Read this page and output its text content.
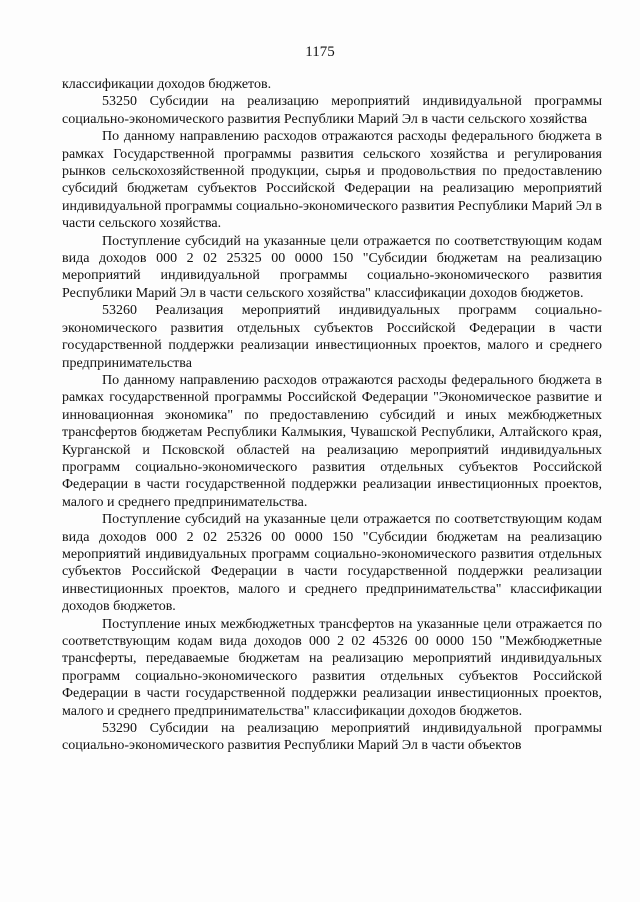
1175

классификации доходов бюджетов.

53250 Субсидии на реализацию мероприятий индивидуальной программы социально-экономического развития Республики Марий Эл в части сельского хозяйства

По данному направлению расходов отражаются расходы федерального бюджета в рамках Государственной программы развития сельского хозяйства и регулирования рынков сельскохозяйственной продукции, сырья и продовольствия по предоставлению субсидий бюджетам субъектов Российской Федерации на реализацию мероприятий индивидуальной программы социально-экономического развития Республики Марий Эл в части сельского хозяйства.

Поступление субсидий на указанные цели отражается по соответствующим кодам вида доходов 000 2 02 25325 00 0000 150 "Субсидии бюджетам на реализацию мероприятий индивидуальной программы социально-экономического развития Республики Марий Эл в части сельского хозяйства" классификации доходов бюджетов.

53260 Реализация мероприятий индивидуальных программ социально-экономического развития отдельных субъектов Российской Федерации в части государственной поддержки реализации инвестиционных проектов, малого и среднего предпринимательства

По данному направлению расходов отражаются расходы федерального бюджета в рамках государственной программы Российской Федерации "Экономическое развитие и инновационная экономика" по предоставлению субсидий и иных межбюджетных трансфертов бюджетам Республики Калмыкия, Чувашской Республики, Алтайского края, Курганской и Псковской областей на реализацию мероприятий индивидуальных программ социально-экономического развития отдельных субъектов Российской Федерации в части государственной поддержки реализации инвестиционных проектов, малого и среднего предпринимательства.

Поступление субсидий на указанные цели отражается по соответствующим кодам вида доходов 000 2 02 25326 00 0000 150 "Субсидии бюджетам на реализацию мероприятий индивидуальных программ социально-экономического развития отдельных субъектов Российской Федерации в части государственной поддержки реализации инвестиционных проектов, малого и среднего предпринимательства" классификации доходов бюджетов.

Поступление иных межбюджетных трансфертов на указанные цели отражается по соответствующим кодам вида доходов 000 2 02 45326 00 0000 150 "Межбюджетные трансферты, передаваемые бюджетам на реализацию мероприятий индивидуальных программ социально-экономического развития отдельных субъектов Российской Федерации в части государственной поддержки реализации инвестиционных проектов, малого и среднего предпринимательства" классификации доходов бюджетов.

53290 Субсидии на реализацию мероприятий индивидуальной программы социально-экономического развития Республики Марий Эл в части объектов
